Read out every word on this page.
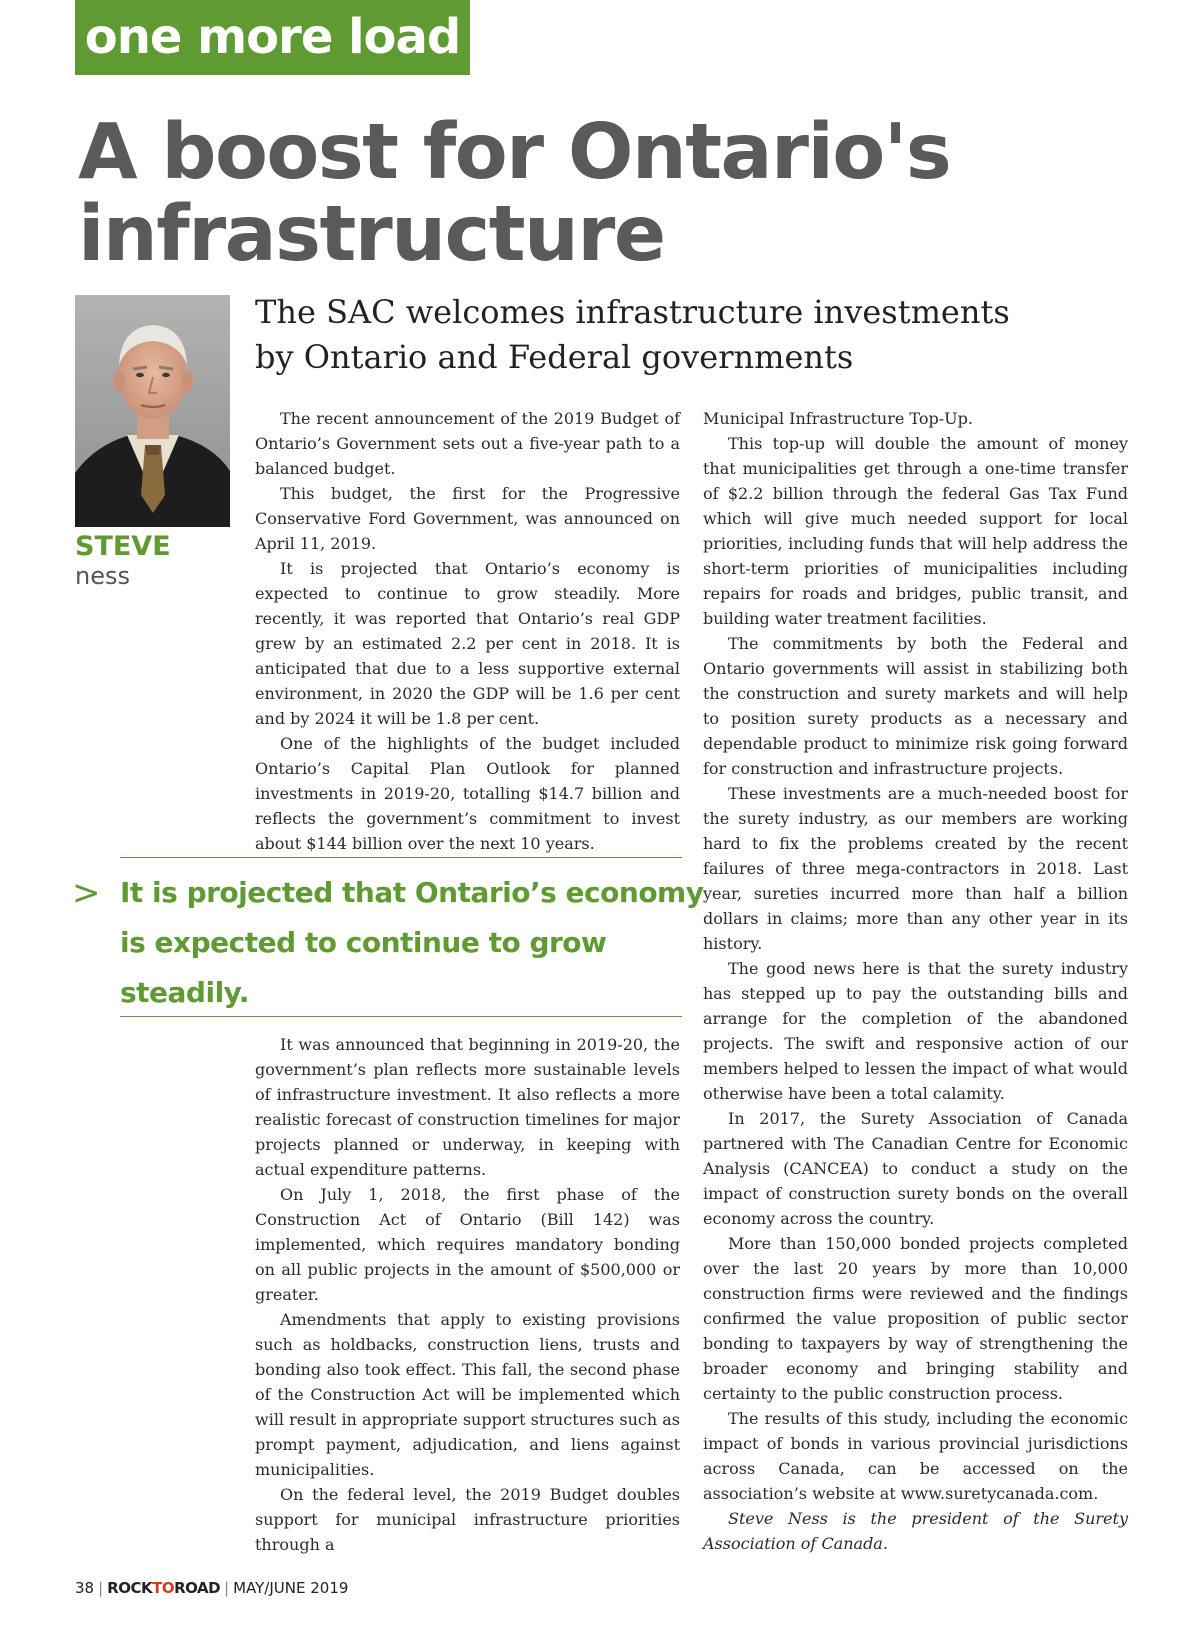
one more load
A boost for Ontario's
infrastructure
STEVE
ness
The SAC welcomes infrastructure investments
by Ontario and Federal governments

The recent announcement of the 2019 Budget of Ontario’s Government sets out a five-year path to a balanced budget.

This budget, the first for the Progressive Conservative Ford Government, was announced on April 11, 2019.

It is projected that Ontario’s economy is expected to continue to grow steadily. More recently, it was reported that Ontario’s real GDP grew by an estimated 2.2 per cent in 2018. It is anticipated that due to a less supportive external environment, in 2020 the GDP will be 1.6 per cent and by 2024 it will be 1.8 per cent.

One of the highlights of the budget included Ontario’s Capital Plan Outlook for planned investments in 2019-20, totalling $14.7 billion and reflects the government’s commitment to invest about $144 billion over the next 10 years.

> It is projected that Ontario’s economy
is expected to continue to grow
steadily.

It was announced that beginning in 2019-20, the government’s plan reflects more sustainable levels of infrastructure investment. It also reflects a more realistic forecast of construction timelines for major projects planned or underway, in keeping with actual expenditure patterns.

On July 1, 2018, the first phase of the Construction Act of Ontario (Bill 142) was implemented, which requires mandatory bonding on all public projects in the amount of $500,000 or greater.

Amendments that apply to existing provisions such as holdbacks, construction liens, trusts and bonding also took effect. This fall, the second phase of the Construction Act will be implemented which will result in appropriate support structures such as prompt payment, adjudication, and liens against municipalities.

On the federal level, the 2019 Budget doubles support for municipal infrastructure priorities through a

Municipal Infrastructure Top-Up.

This top-up will double the amount of money that municipalities get through a one-time transfer of $2.2 billion through the federal Gas Tax Fund which will give much needed support for local priorities, including funds that will help address the short-term priorities of municipalities including repairs for roads and bridges, public transit, and building water treatment facilities.

The commitments by both the Federal and Ontario governments will assist in stabilizing both the construction and surety markets and will help to position surety products as a necessary and dependable product to minimize risk going forward for construction and infrastructure projects.

These investments are a much-needed boost for the surety industry, as our members are working hard to fix the problems created by the recent failures of three mega-contractors in 2018. Last year, sureties incurred more than half a billion dollars in claims; more than any other year in its history.

The good news here is that the surety industry has stepped up to pay the outstanding bills and arrange for the completion of the abandoned projects. The swift and responsive action of our members helped to lessen the impact of what would otherwise have been a total calamity.

In 2017, the Surety Association of Canada partnered with The Canadian Centre for Economic Analysis (CANCEA) to conduct a study on the impact of construction surety bonds on the overall economy across the country.

More than 150,000 bonded projects completed over the last 20 years by more than 10,000 construction firms were reviewed and the findings confirmed the value proposition of public sector bonding to taxpayers by way of strengthening the broader economy and bringing stability and certainty to the public construction process.

The results of this study, including the economic impact of bonds in various provincial jurisdictions across Canada, can be accessed on the association’s website at www.suretycanada.com.

Steve Ness is the president of the Surety Association of Canada.

38 | ROCKTOROAD | MAY/JUNE 2019
